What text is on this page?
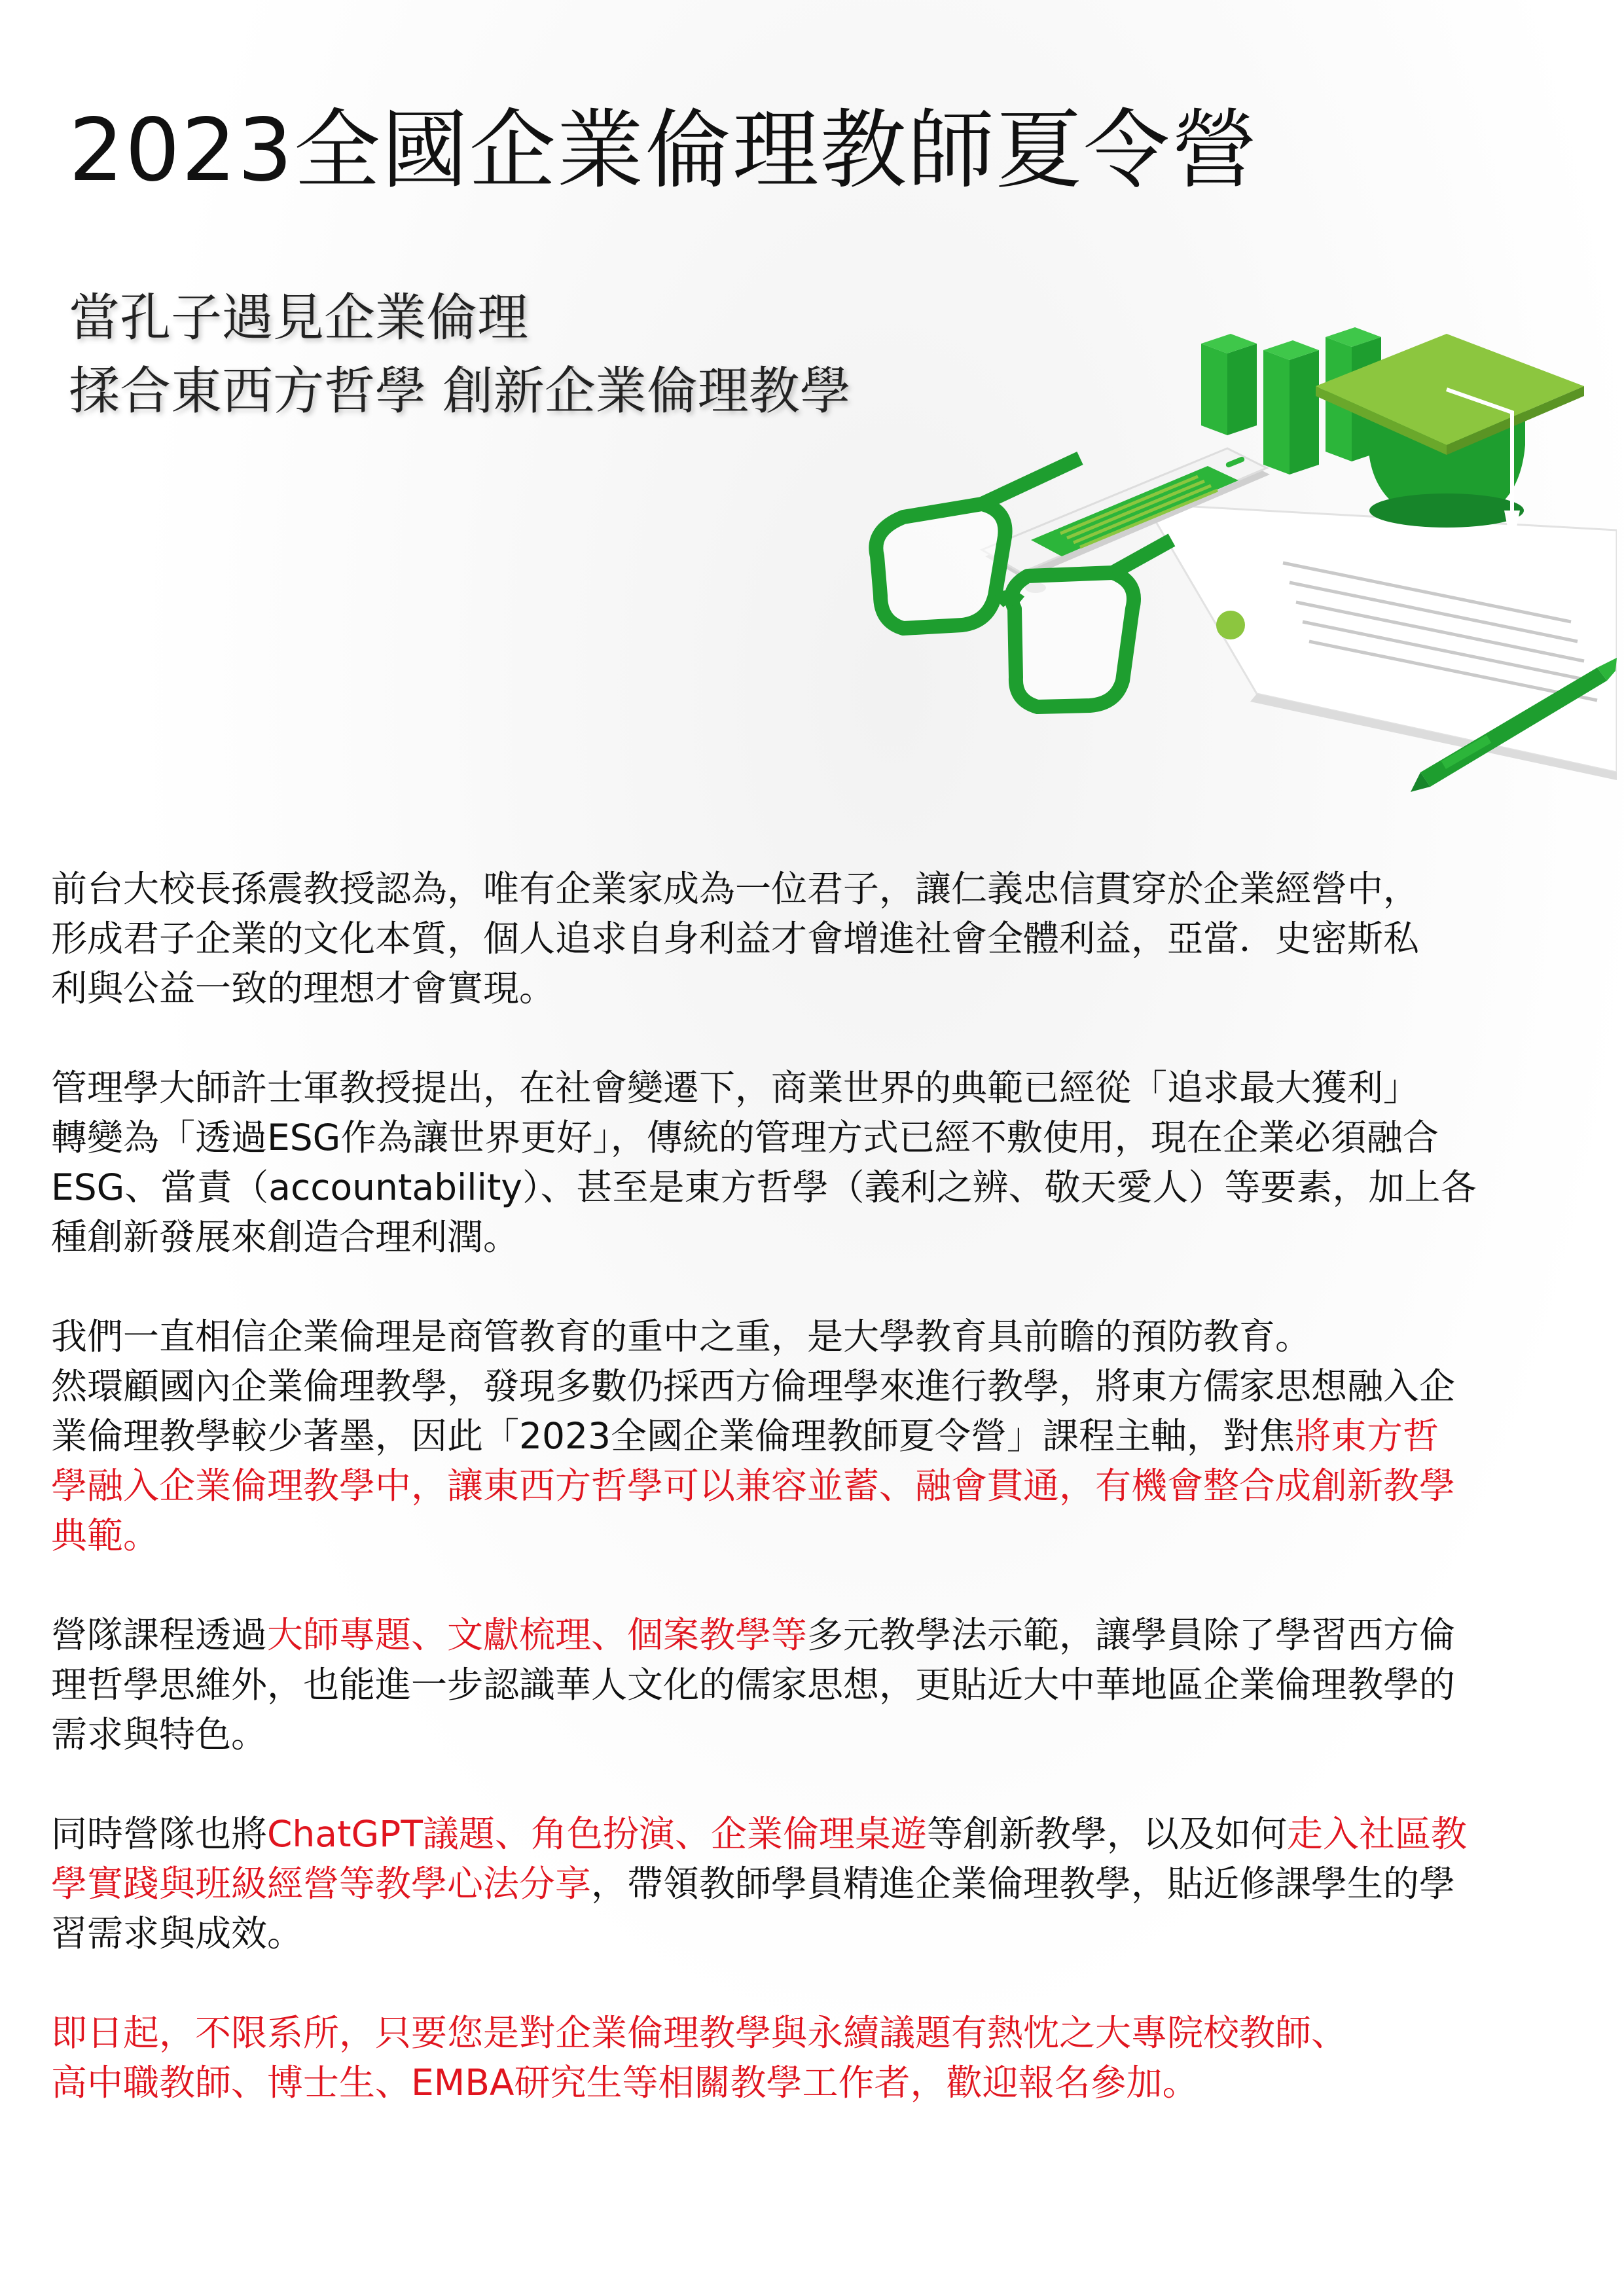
2023全國企業倫理教師夏令營
當孔子遇見企業倫理
揉合東西方哲學 創新企業倫理教學
前台大校長孫震教授認為，唯有企業家成為一位君子，讓仁義忠信貫穿於企業經營中，
形成君子企業的文化本質，個人追求自身利益才會增進社會全體利益，亞當．史密斯私
利與公益一致的理想才會實現。
管理學大師許士軍教授提出，在社會變遷下，商業世界的典範已經從「追求最大獲利」
轉變為「透過ESG作為讓世界更好」，傳統的管理方式已經不敷使用，現在企業必須融合
ESG、當責（accountability）、甚至是東方哲學（義利之辨、敬天愛人）等要素，加上各
種創新發展來創造合理利潤。
我們一直相信企業倫理是商管教育的重中之重，是大學教育具前瞻的預防教育。
然環顧國內企業倫理教學，發現多數仍採西方倫理學來進行教學，將東方儒家思想融入企
業倫理教學較少著墨，因此「2023全國企業倫理教師夏令營」課程主軸，對焦將東方哲
學融入企業倫理教學中，讓東西方哲學可以兼容並蓄、融會貫通，有機會整合成創新教學
典範。
營隊課程透過大師專題、文獻梳理、個案教學等多元教學法示範，讓學員除了學習西方倫
理哲學思維外，也能進一步認識華人文化的儒家思想，更貼近大中華地區企業倫理教學的
需求與特色。
同時營隊也將ChatGPT議題、角色扮演、企業倫理桌遊等創新教學，以及如何走入社區教
學實踐與班級經營等教學心法分享，帶領教師學員精進企業倫理教學，貼近修課學生的學
習需求與成效。
即日起，不限系所，只要您是對企業倫理教學與永續議題有熱忱之大專院校教師、
高中職教師、博士生、EMBA研究生等相關教學工作者，歡迎報名參加。
